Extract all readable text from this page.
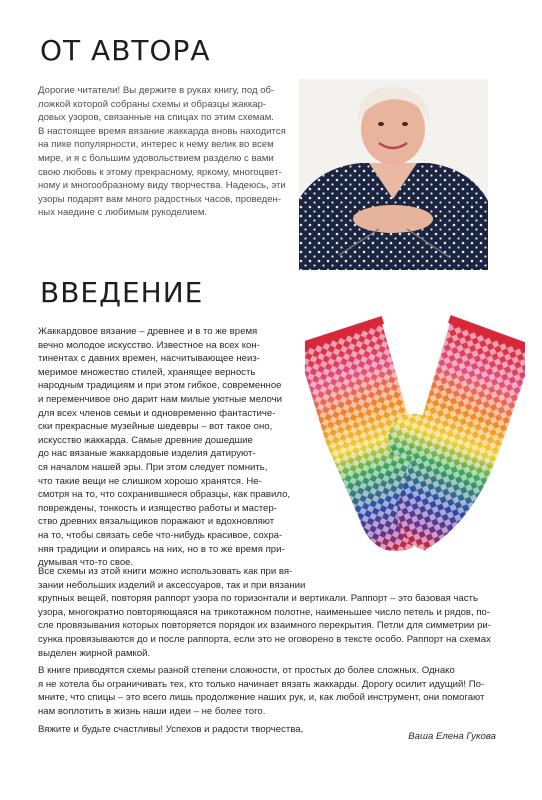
ОТ АВТОРА
Дорогие читатели! Вы держите в руках книгу, под об-
ложкой которой собраны схемы и образцы жаккар-
довых узоров, связанные на спицах по этим схемам.
В настоящее время вязание жаккарда вновь находится
на пике популярности, интерес к нему велик во всем
мире, и я с большим удовольствием разделю с вами
свою любовь к этому прекрасному, яркому, многоцвет-
ному и многообразному виду творчества. Надеюсь, эти
узоры подарят вам много радостных часов, проведен-
ных наедине с любимым рукоделием.
ВВЕДЕНИЕ
Жаккардовое вязание – древнее и в то же время
вечно молодое искусство. Известное на всех кон-
тинентах с давних времен, насчитывающее неиз-
меримое множество стилей, хранящее верность
народным традициям и при этом гибкое, современное
и переменчивое оно дарит нам милые уютные мелочи
для всех членов семьи и одновременно фантастиче-
ски прекрасные музейные шедевры – вот такое оно,
искусство жаккарда. Самые древние дошедшие
до нас вязаные жаккардовые изделия датируют-
ся началом нашей эры. При этом следует помнить,
что такие вещи не слишком хорошо хранятся. Не-
смотря на то, что сохранившиеся образцы, как правило,
повреждены, тонкость и изящество работы и мастер-
ство древних вязальщиков поражают и вдохновляют
на то, чтобы связать себе что-нибудь красивое, сохра-
няя традиции и опираясь на них, но в то же время при-
думывая что-то свое.
Все схемы из этой книги можно использовать как при вя-
зании небольших изделий и аксессуаров, так и при вязании
крупных вещей, повторяя раппорт узора по горизонтали и вертикали. Раппорт – это базовая часть
узора, многократно повторяющаяся на трикотажном полотне, наименьшее число петель и рядов, по-
сле провязывания которых повторяется порядок их взаимного перекрытия. Петли для симметрии ри-
сунка провязываются до и после раппорта, если это не оговорено в тексте особо. Раппорт на схемах
выделен жирной рамкой.
В книге приводятся схемы разной степени сложности, от простых до более сложных. Однако
я не хотела бы ограничивать тех, кто только начинает вязать жаккарды. Дорогу осилит идущий! По-
мните, что спицы – это всего лишь продолжение наших рук, и, как любой инструмент, они помогают
нам воплотить в жизнь наши идеи – не более того.
Вяжите и будьте счастливы! Успехов и радости творчества,

Ваша Елена Гукова
